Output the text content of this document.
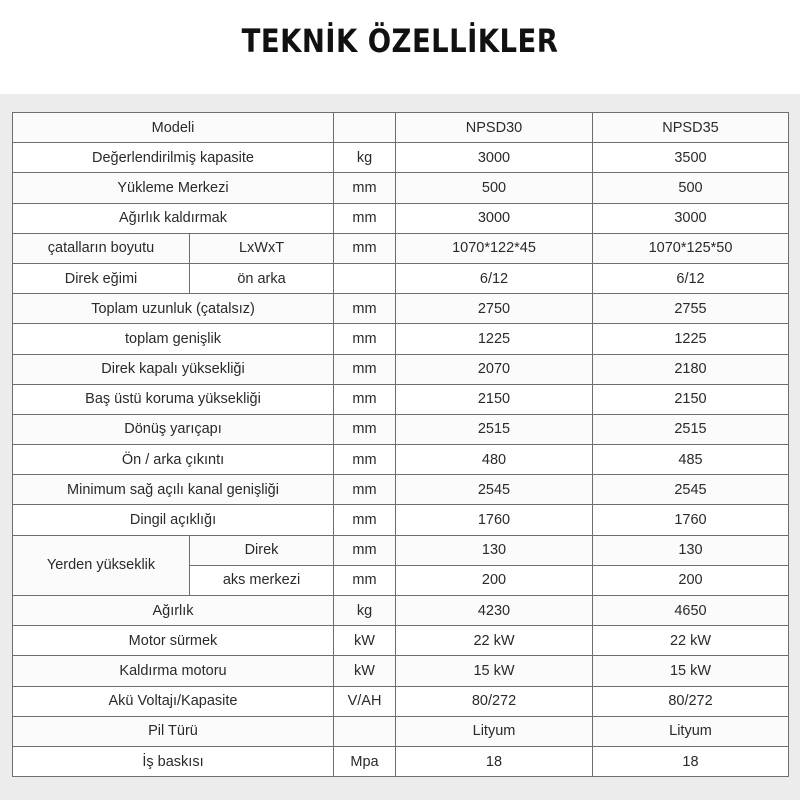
TEKNİK ÖZELLİKLER
Modeli			NPSD30	NPSD35
Değerlendirilmiş kapasite		kg	3000	3500
Yükleme Merkezi		mm	500	500
Ağırlık kaldırmak		mm	3000	3000
çatalların boyutu	LxWxT	mm	1070*122*45	1070*125*50
Direk eğimi	ön arka		6/12	6/12
Toplam uzunluk (çatalsız)		mm	2750	2755
toplam genişlik		mm	1225	1225
Direk kapalı yüksekliği		mm	2070	2180
Baş üstü koruma yüksekliği		mm	2150	2150
Dönüş yarıçapı		mm	2515	2515
Ön / arka çıkıntı		mm	480	485
Minimum sağ açılı kanal genişliği		mm	2545	2545
Dingil açıklığı		mm	1760	1760
Yerden yükseklik	Direk	mm	130	130
	aks merkezi	mm	200	200
Ağırlık		kg	4230	4650
Motor sürmek		kW	22 kW	22 kW
Kaldırma motoru		kW	15 kW	15 kW
Akü Voltajı/Kapasite		V/AH	80/272	80/272
Pil Türü			Lityum	Lityum
İş baskısı		Mpa	18	18
